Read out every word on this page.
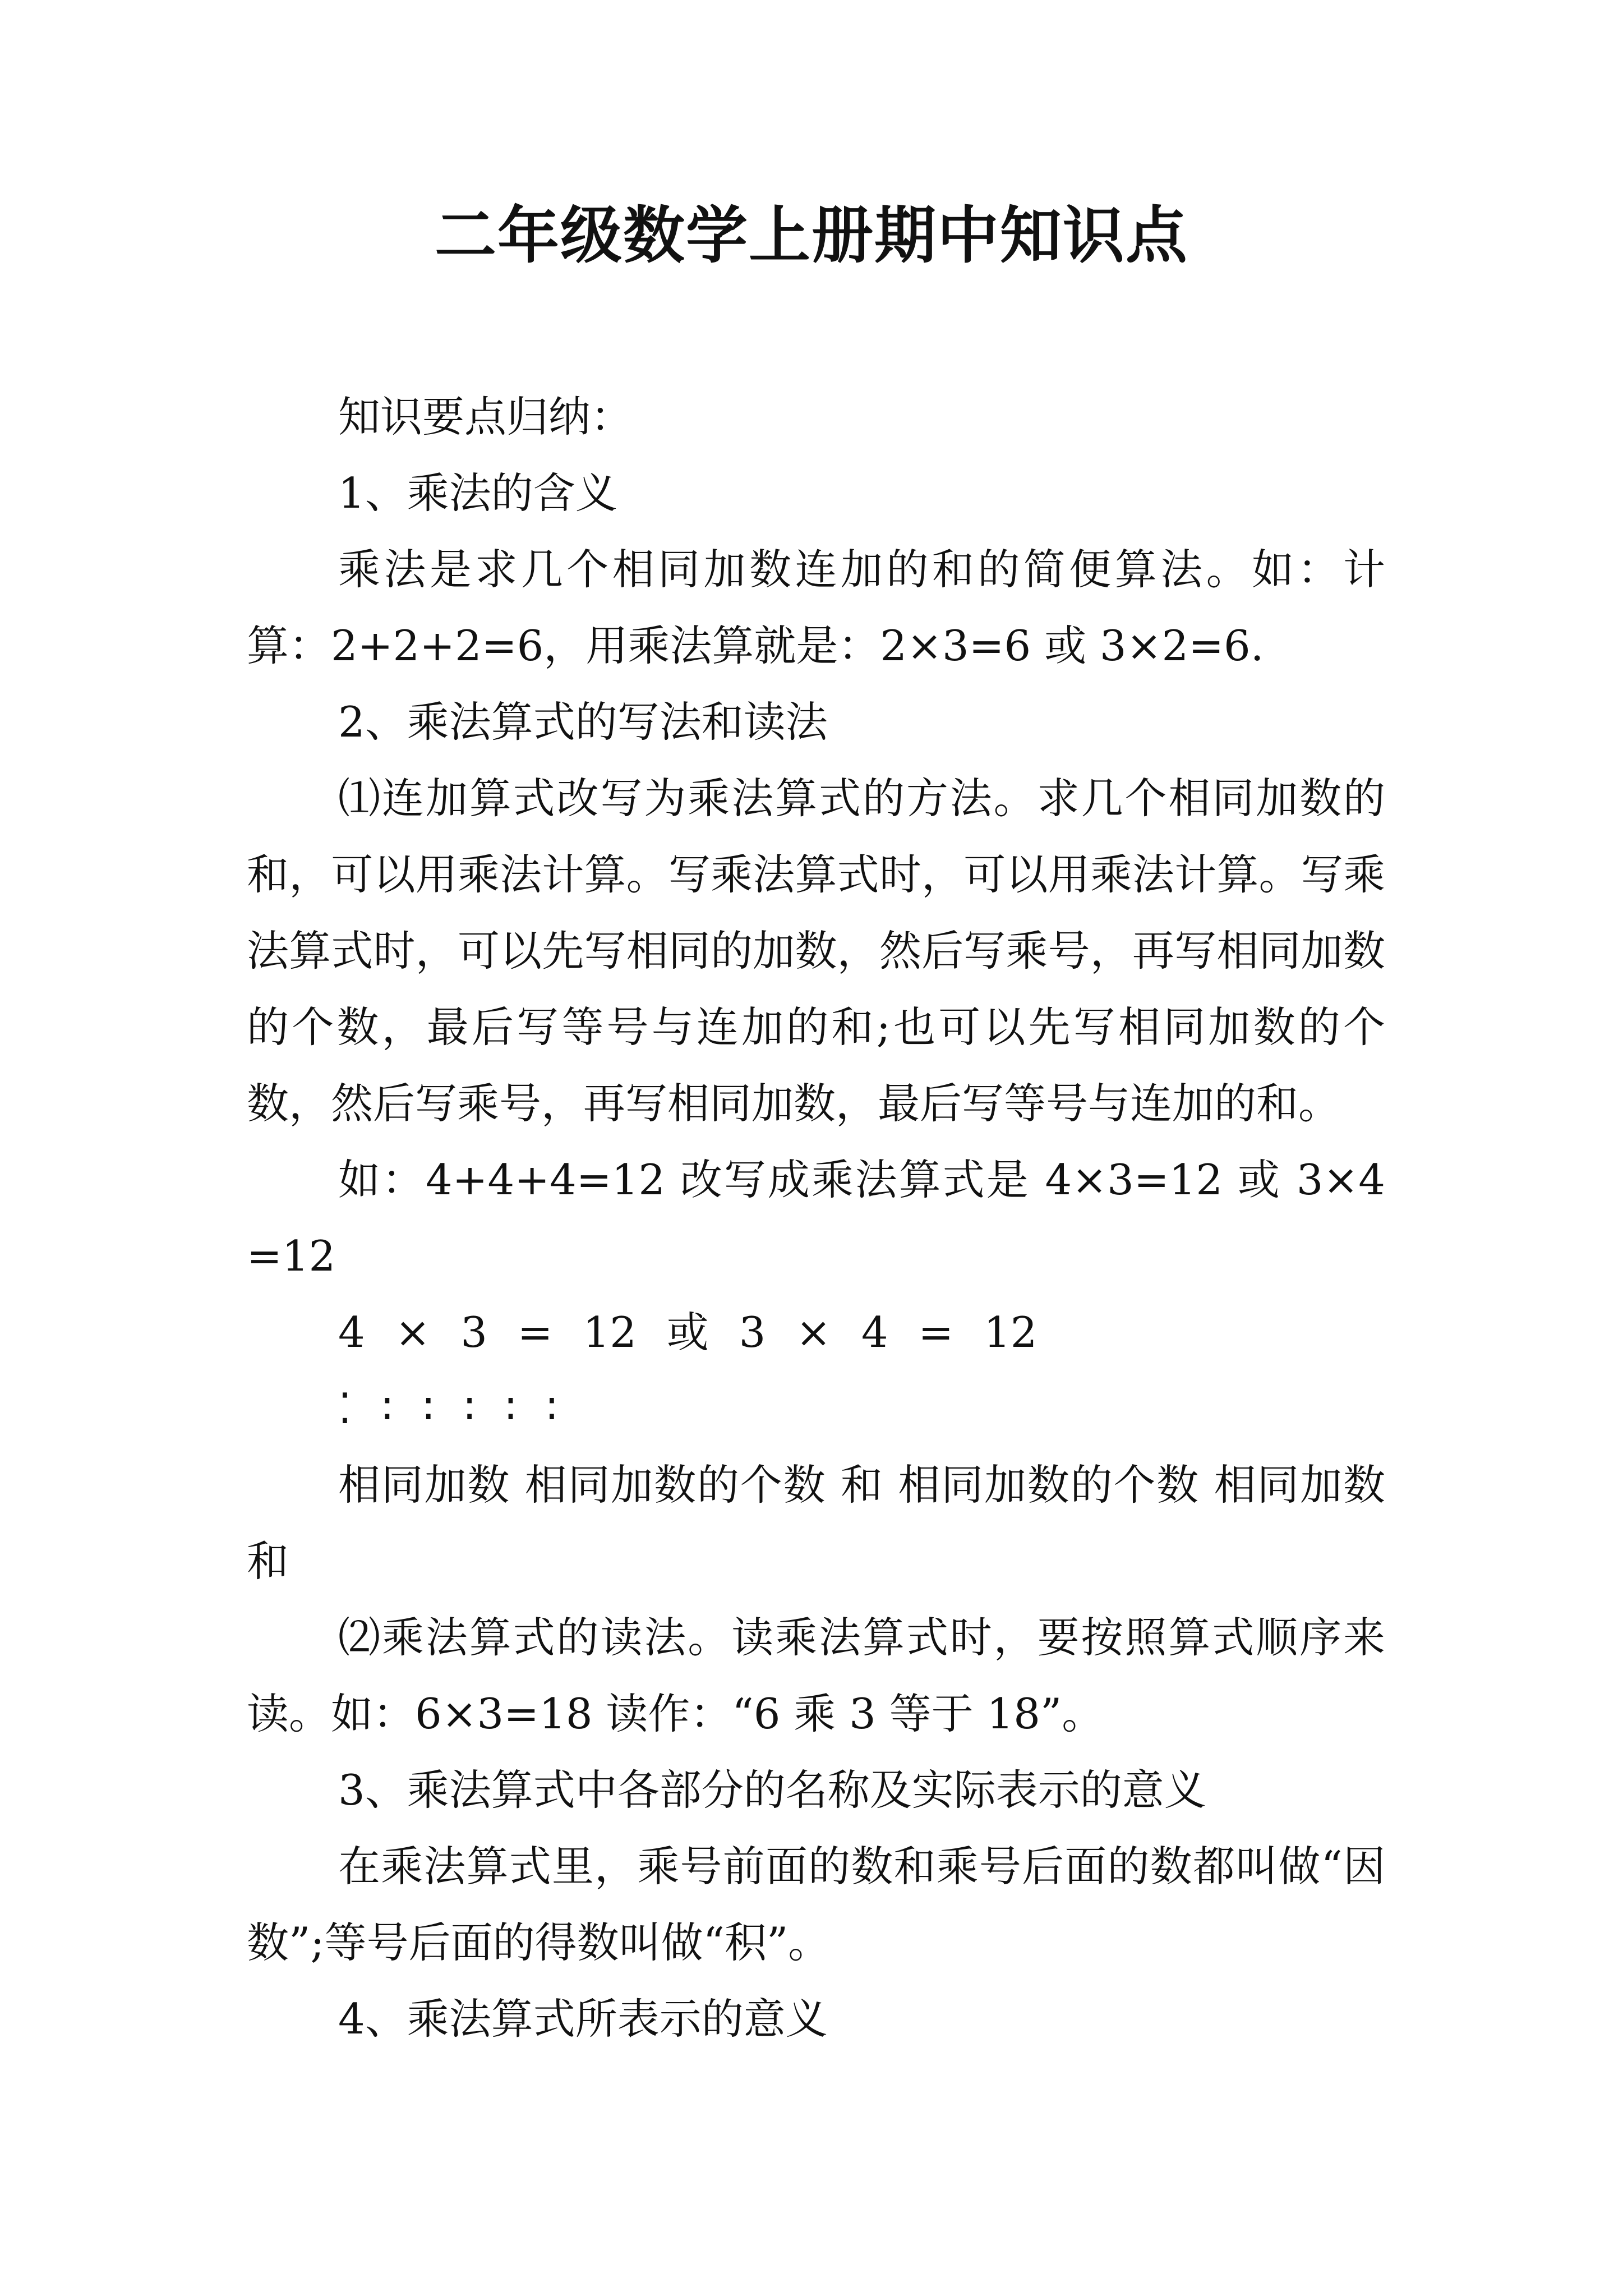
二年级数学上册期中知识点

知识要点归纳：

1、乘法的含义

乘法是求几个相同加数连加的和的简便算法。如：计算：2+2+2=6，用乘法算就是：2×3=6 或 3×2=6.

2、乘法算式的写法和读法

⑴连加算式改写为乘法算式的方法。求几个相同加数的和，可以用乘法计算。写乘法算式时，可以用乘法计算。写乘法算式时，可以先写相同的加数，然后写乘号，再写相同加数的个数，最后写等号与连加的和;也可以先写相同加数的个数，然后写乘号，再写相同加数，最后写等号与连加的和。

如：4+4+4=12 改写成乘法算式是 4×3=12 或 3×4=12

4 × 3 = 12 或 3 × 4 = 12

⁚ ∶ ∶ ∶ ∶ ∶

相同加数 相同加数的个数 和 相同加数的个数 相同加数 和

⑵乘法算式的读法。读乘法算式时，要按照算式顺序来读。如：6×3=18 读作：“6 乘 3 等于 18”。

3、乘法算式中各部分的名称及实际表示的意义

在乘法算式里，乘号前面的数和乘号后面的数都叫做“因数”;等号后面的得数叫做“积”。

4、乘法算式所表示的意义
